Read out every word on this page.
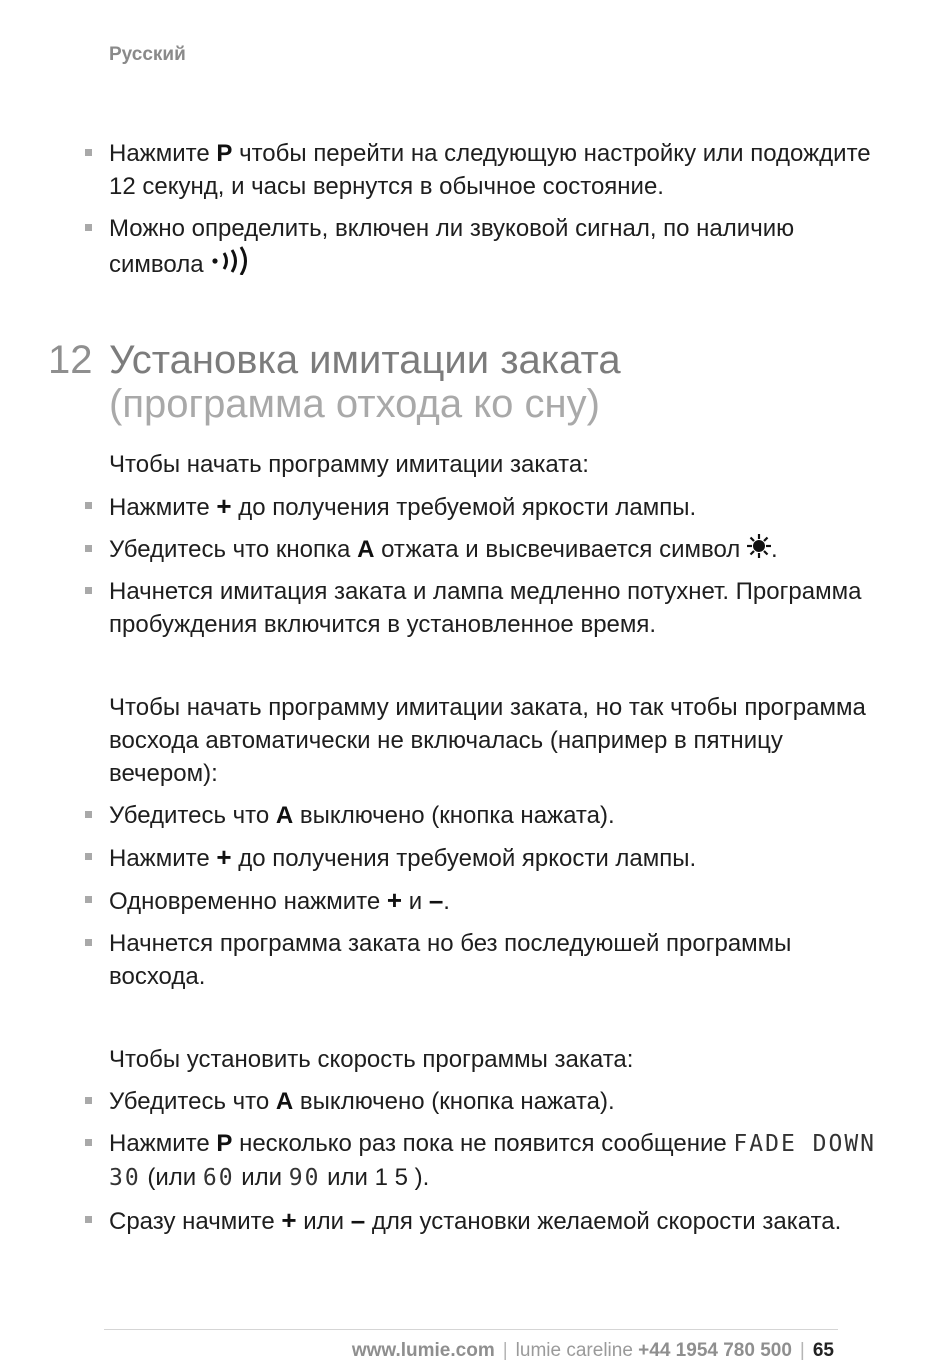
Русский
Нажмите P чтобы перейти на следующую настройку или подождите 12 секунд, и часы вернутся в обычное состояние.
Можно определить, включен ли звуковой сигнал, по наличию символа
12 Установка имитации заката
(программа отхода ко сну)
Чтобы начать программу имитации заката:
Нажмите + до получения требуемой яркости лампы.
Убедитесь что кнопка A отжата и высвечивается символ .
Начнется имитация заката и лампа медленно потухнет. Программа пробуждения включится в установленное время.
Чтобы начать программу имитации заката, но так чтобы программа восхода автоматически не включалась (например в пятницу вечером):
Убедитесь что A выключено (кнопка нажата).
Нажмите + до получения требуемой яркости лампы.
Одновременно нажмите + и –.
Начнется программа заката но без последуюшей программы восхода.
Чтобы установить скорость программы заката:
Убедитесь что A выключено (кнопка нажата).
Нажмите P несколько раз пока не появится сообщение FADE DOWN 30 (или 60 или 90 или 1 5 ).
Сразу начмите + или – для установки желаемой скорости заката.
www.lumie.com | lumie careline +44 1954 780 500 | 65
